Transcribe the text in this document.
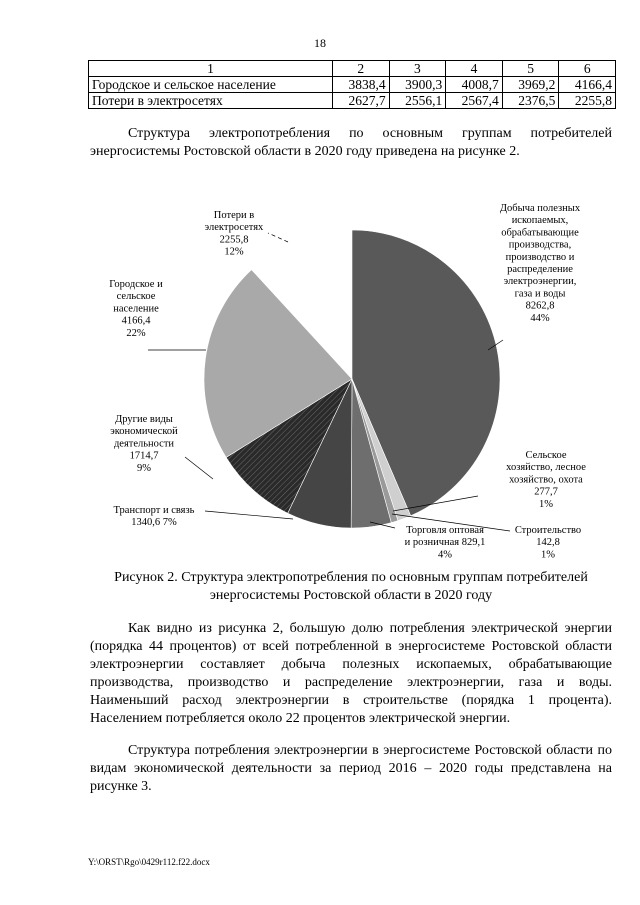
18
1	2	3	4	5	6
Городское и сельское население	3838,4	3900,3	4008,7	3969,2	4166,4
Потери в электросетях	2627,7	2556,1	2567,4	2376,5	2255,8

Структура электропотребления по основным группам потребителей энергосистемы Ростовской области в 2020 году приведена на рисунке 2.

Добыча полезных ископаемых, обрабатывающие производства, производство и распределение электроэнергии, газа и воды 8262,8 44%
Сельское хозяйство, лесное хозяйство, охота 277,7 1%
Строительство 142,8 1%
Торговля оптовая и розничная 829,1 4%
Транспорт и связь 1340,6 7%
Другие виды экономической деятельности 1714,7 9%
Городское и сельское население 4166,4 22%
Потери в электросетях 2255,8 12%
Рисунок 2. Структура электропотребления по основным группам потребителей
энергосистемы Ростовской области в 2020 году

Как видно из рисунка 2, большую долю потребления электрической энергии (порядка 44 процентов) от всей потребленной в энергосистеме Ростовской области электроэнергии составляет добыча полезных ископаемых, обрабатывающие производства, производство и распределение электроэнергии, газа и воды. Наименьший расход электроэнергии в строительстве (порядка 1 процента). Населением потребляется около 22 процентов электрической энергии.

Структура потребления электроэнергии в энергосистеме Ростовской области по видам экономической деятельности за период 2016 – 2020 годы представлена на рисунке 3.

Y:\ORST\Rgo\0429r112.f22.docx
